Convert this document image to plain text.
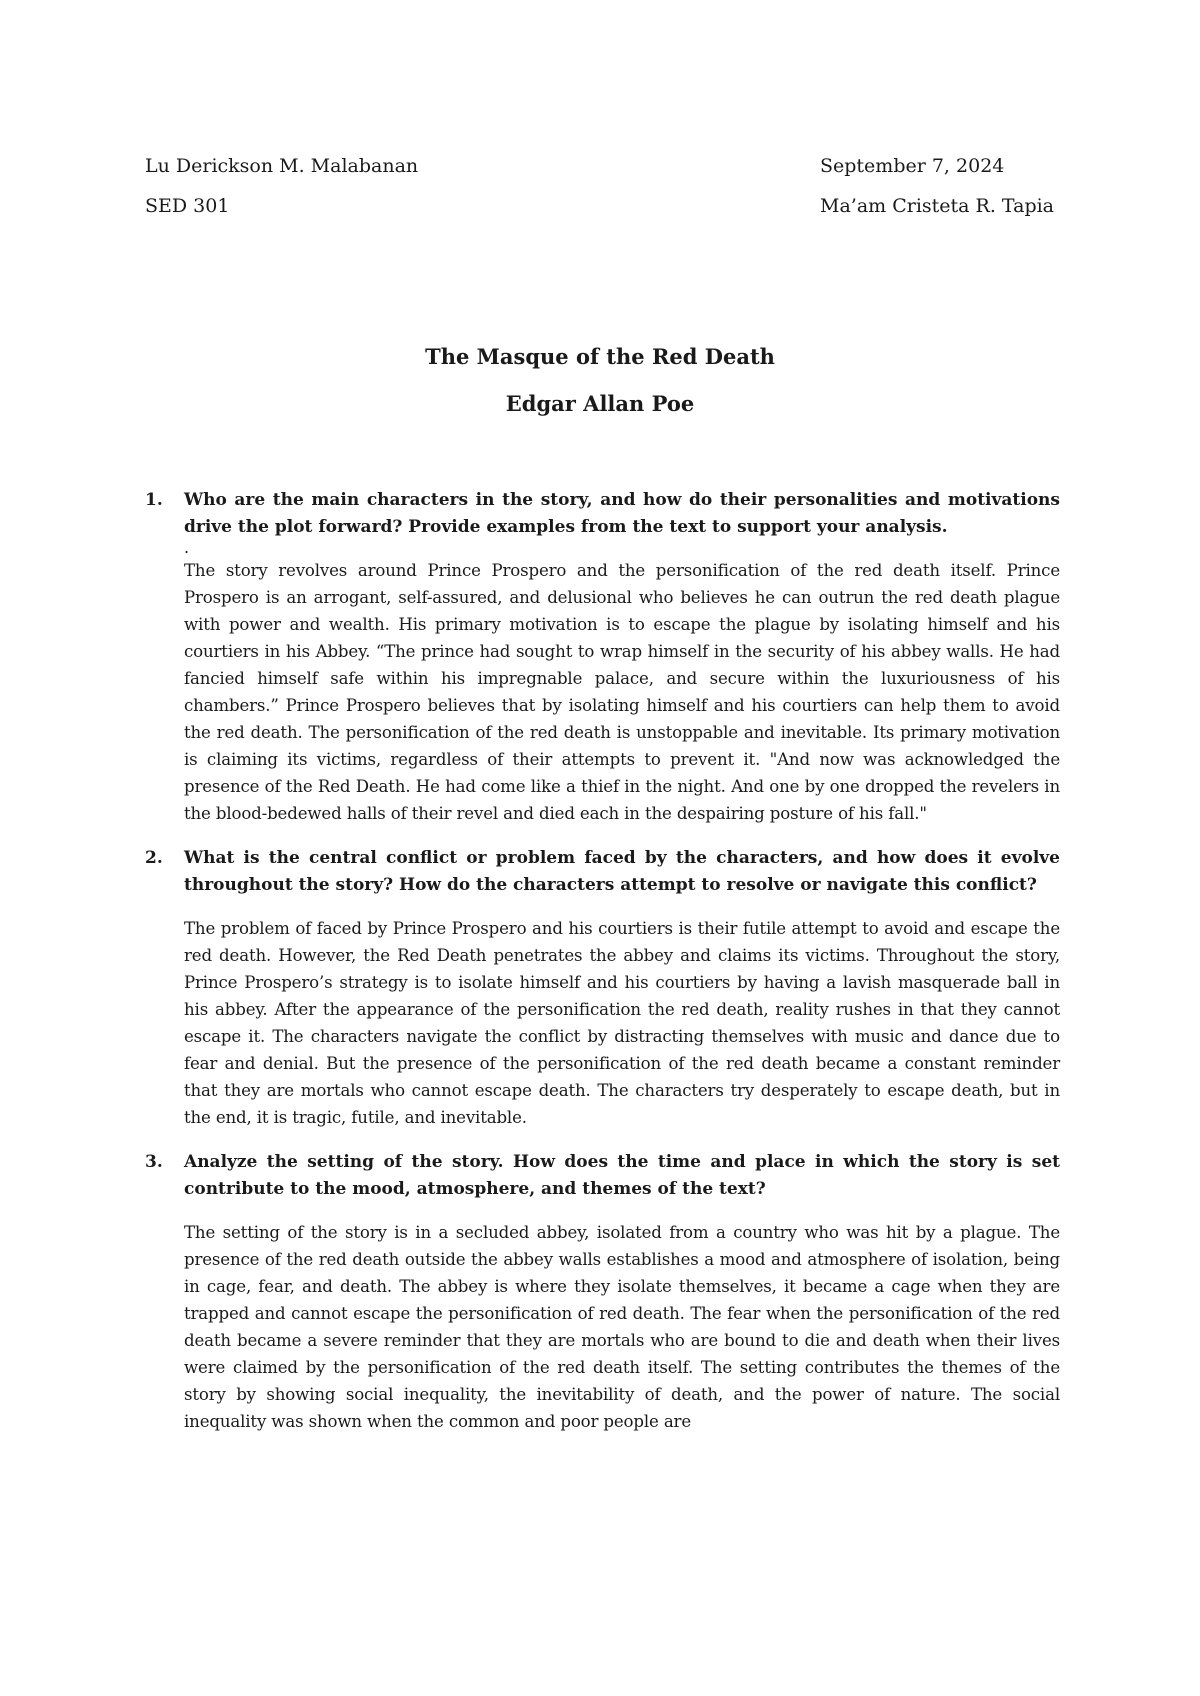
Lu Derickson M. Malabanan	September 7, 2024
SED 301	Ma’am Cristeta R. Tapia
The Masque of the Red Death
Edgar Allan Poe
1. Who are the main characters in the story, and how do their personalities and motivations drive the plot forward? Provide examples from the text to support your analysis.
.
The story revolves around Prince Prospero and the personification of the red death itself. Prince Prospero is an arrogant, self-assured, and delusional who believes he can outrun the red death plague with power and wealth. His primary motivation is to escape the plague by isolating himself and his courtiers in his Abbey. “The prince had sought to wrap himself in the security of his abbey walls. He had fancied himself safe within his impregnable palace, and secure within the luxuriousness of his chambers.” Prince Prospero believes that by isolating himself and his courtiers can help them to avoid the red death. The personification of the red death is unstoppable and inevitable. Its primary motivation is claiming its victims, regardless of their attempts to prevent it. "And now was acknowledged the presence of the Red Death. He had come like a thief in the night. And one by one dropped the revelers in the blood-bedewed halls of their revel and died each in the despairing posture of his fall."
2. What is the central conflict or problem faced by the characters, and how does it evolve throughout the story? How do the characters attempt to resolve or navigate this conflict?
The problem of faced by Prince Prospero and his courtiers is their futile attempt to avoid and escape the red death. However, the Red Death penetrates the abbey and claims its victims. Throughout the story, Prince Prospero’s strategy is to isolate himself and his courtiers by having a lavish masquerade ball in his abbey. After the appearance of the personification the red death, reality rushes in that they cannot escape it. The characters navigate the conflict by distracting themselves with music and dance due to fear and denial. But the presence of the personification of the red death became a constant reminder that they are mortals who cannot escape death. The characters try desperately to escape death, but in the end, it is tragic, futile, and inevitable.
3. Analyze the setting of the story. How does the time and place in which the story is set contribute to the mood, atmosphere, and themes of the text?
The setting of the story is in a secluded abbey, isolated from a country who was hit by a plague. The presence of the red death outside the abbey walls establishes a mood and atmosphere of isolation, being in cage, fear, and death. The abbey is where they isolate themselves, it became a cage when they are trapped and cannot escape the personification of red death. The fear when the personification of the red death became a severe reminder that they are mortals who are bound to die and death when their lives were claimed by the personification of the red death itself. The setting contributes the themes of the story by showing social inequality, the inevitability of death, and the power of nature. The social inequality was shown when the common and poor people are
